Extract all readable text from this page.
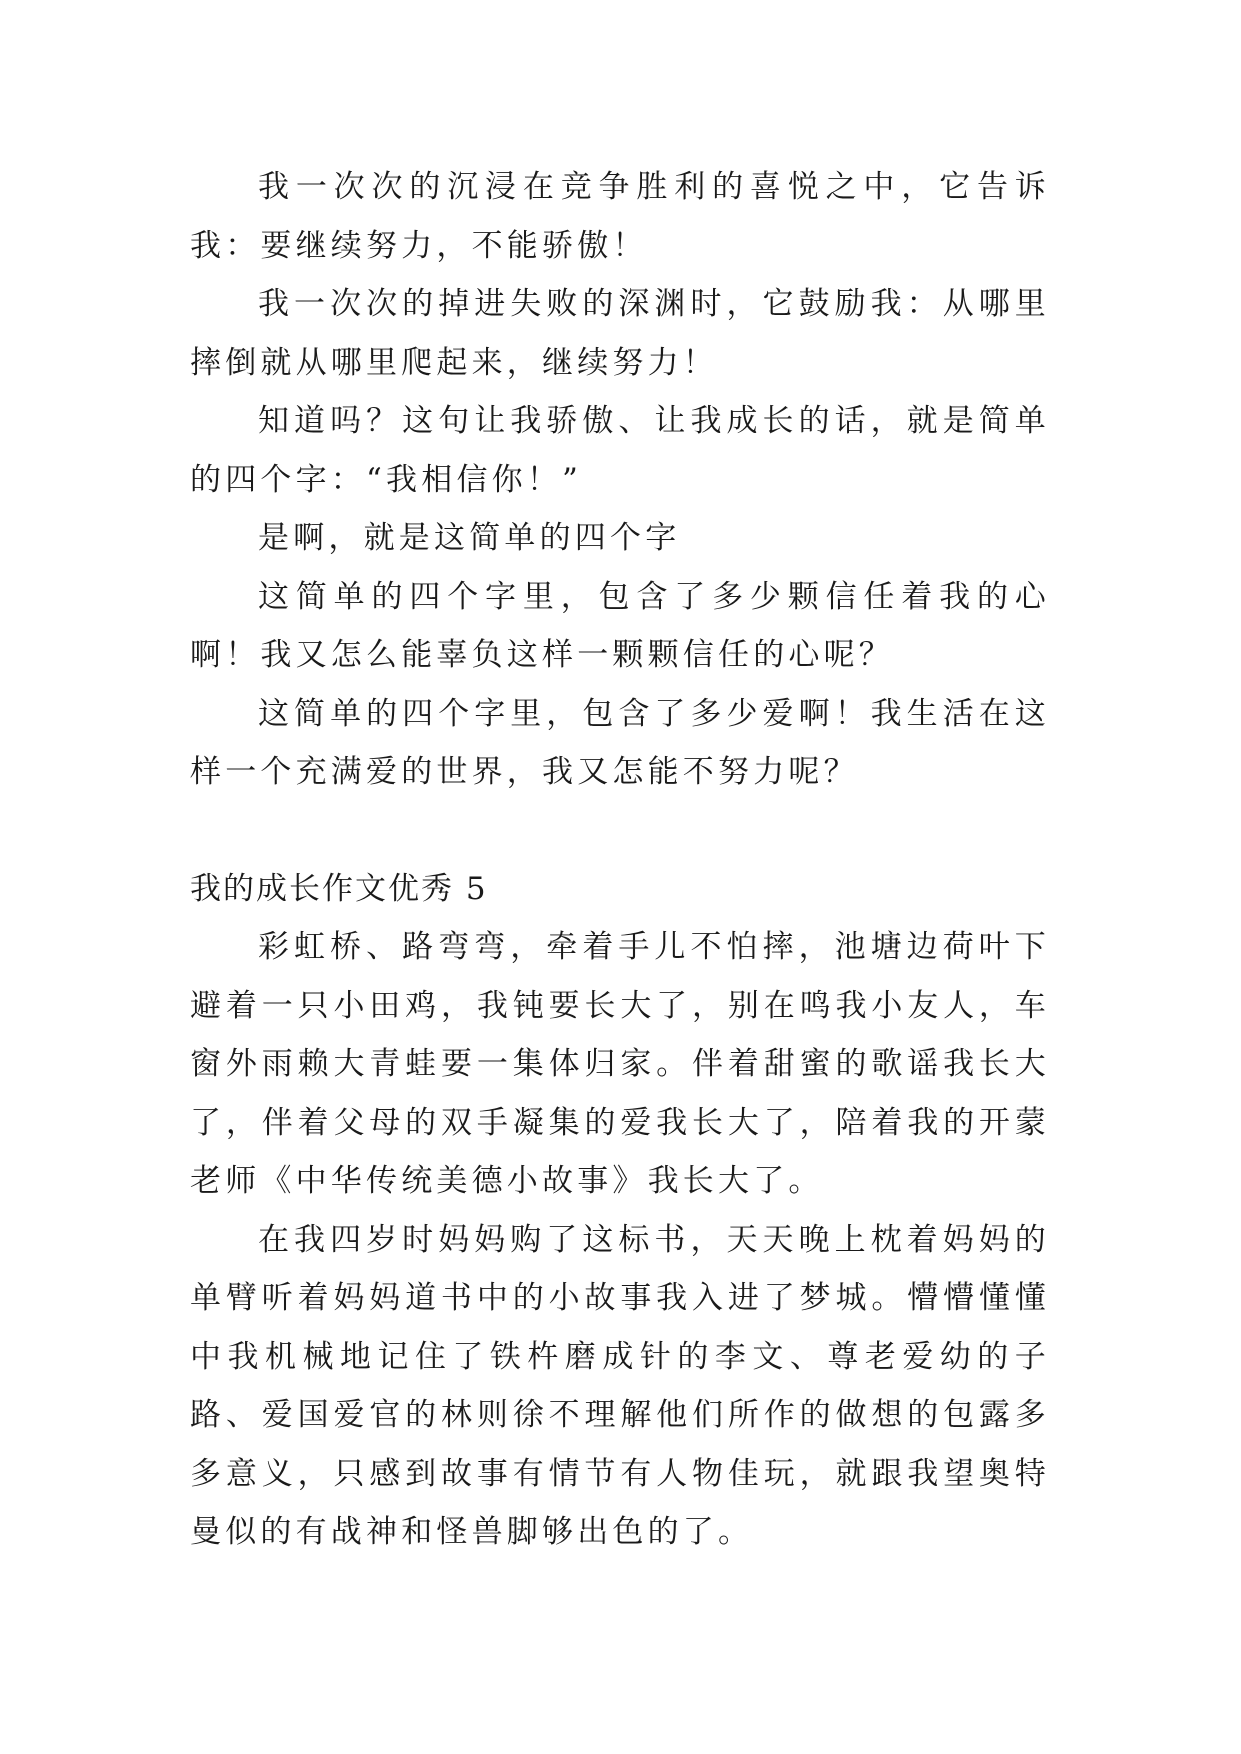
我一次次的沉浸在竞争胜利的喜悦之中，它告诉我：要继续努力，不能骄傲！

我一次次的掉进失败的深渊时，它鼓励我：从哪里摔倒就从哪里爬起来，继续努力！

知道吗？这句让我骄傲、让我成长的话，就是简单的四个字：“我相信你！”

是啊，就是这简单的四个字

这简单的四个字里，包含了多少颗信任着我的心啊！我又怎么能辜负这样一颗颗信任的心呢？

这简单的四个字里，包含了多少爱啊！我生活在这样一个充满爱的世界，我又怎能不努力呢？

我的成长作文优秀 5

彩虹桥、路弯弯，牵着手儿不怕摔，池塘边荷叶下避着一只小田鸡，我钝要长大了，别在鸣我小友人，车窗外雨赖大青蛙要一集体归家。伴着甜蜜的歌谣我长大了，伴着父母的双手凝集的爱我长大了，陪着我的开蒙老师《中华传统美德小故事》我长大了。

在我四岁时妈妈购了这标书，天天晚上枕着妈妈的单臂听着妈妈道书中的小故事我入进了梦城。懵懵懂懂中我机械地记住了铁杵磨成针的李文、尊老爱幼的子路、爱国爱官的林则徐不理解他们所作的做想的包露多多意义，只感到故事有情节有人物佳玩，就跟我望奥特曼似的有战神和怪兽脚够出色的了。
